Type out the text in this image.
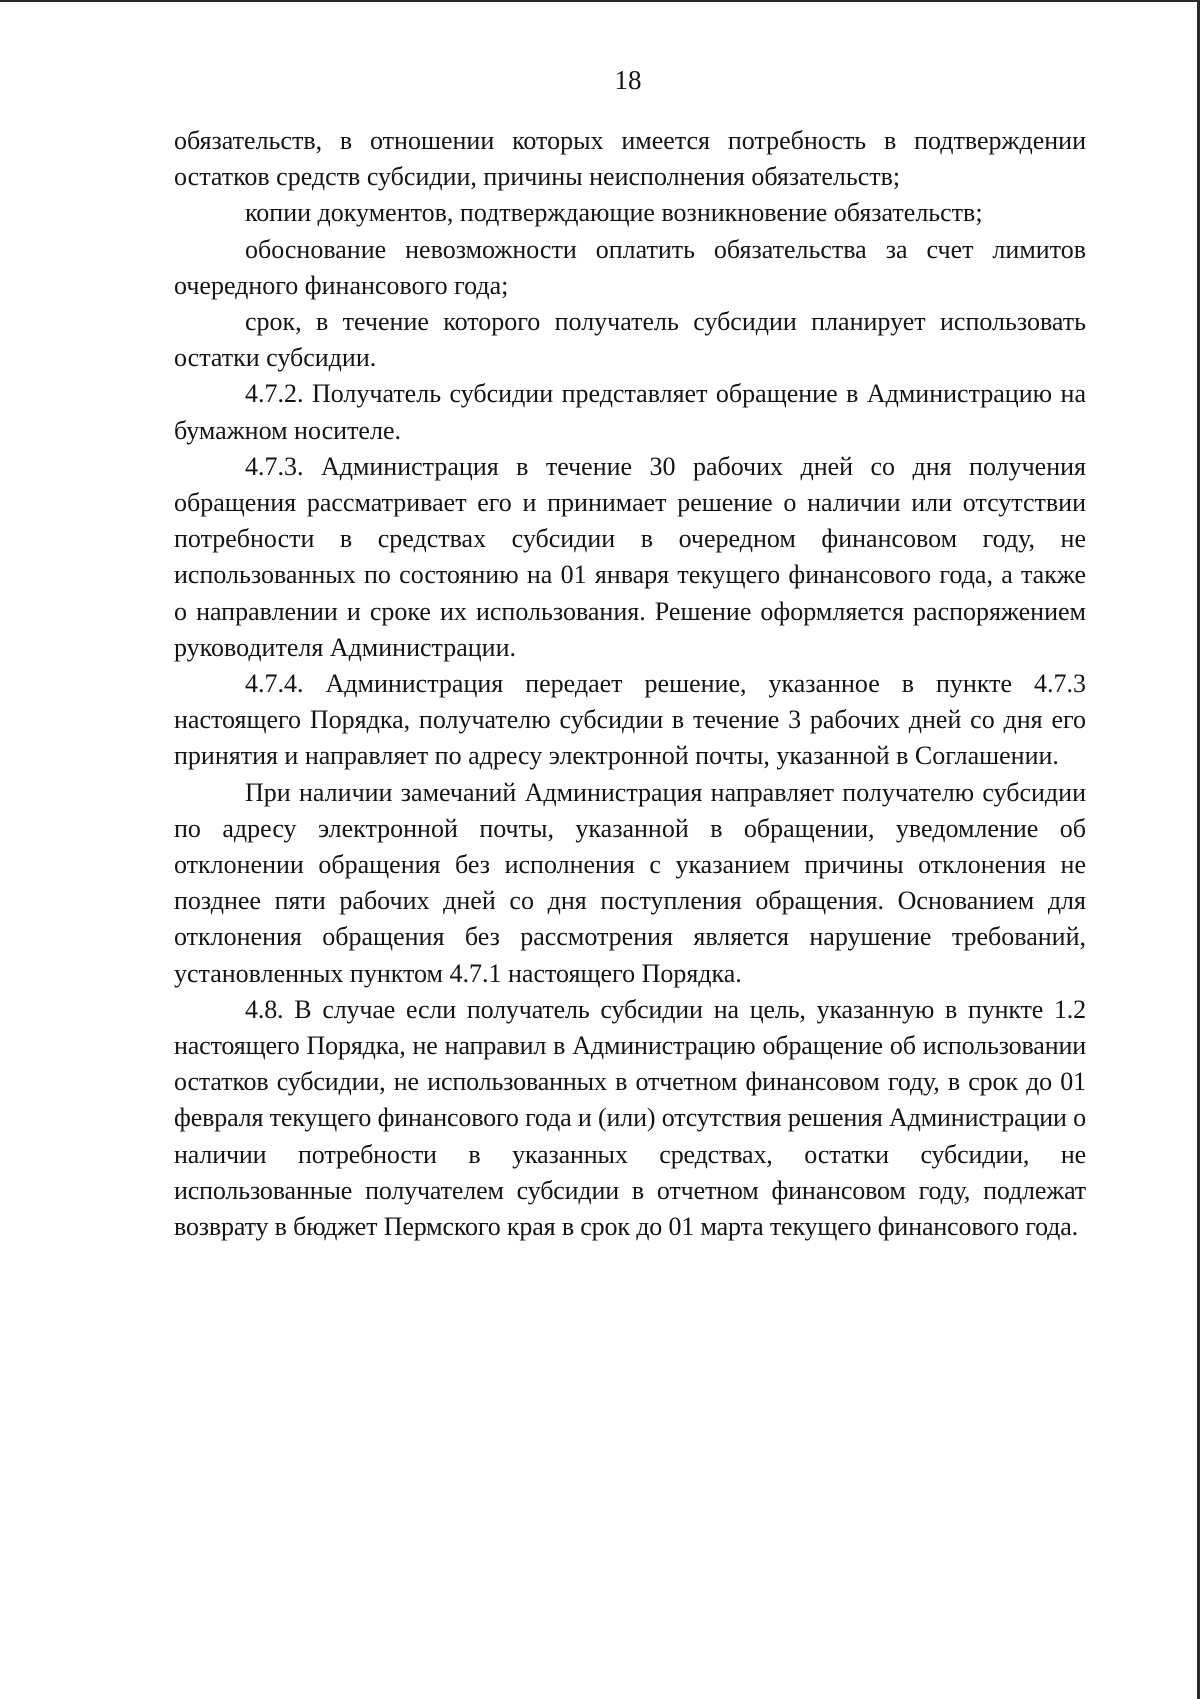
18

обязательств, в отношении которых имеется потребность в подтверждении остатков средств субсидии, причины неисполнения обязательств;

копии документов, подтверждающие возникновение обязательств;

обоснование невозможности оплатить обязательства за счет лимитов очередного финансового года;

срок, в течение которого получатель субсидии планирует использовать остатки субсидии.

4.7.2. Получатель субсидии представляет обращение в Администрацию на бумажном носителе.

4.7.3. Администрация в течение 30 рабочих дней со дня получения обращения рассматривает его и принимает решение о наличии или отсутствии потребности в средствах субсидии в очередном финансовом году, не использованных по состоянию на 01 января текущего финансового года, а также о направлении и сроке их использования. Решение оформляется распоряжением руководителя Администрации.

4.7.4. Администрация передает решение, указанное в пункте 4.7.3 настоящего Порядка, получателю субсидии в течение 3 рабочих дней со дня его принятия и направляет по адресу электронной почты, указанной в Соглашении.

При наличии замечаний Администрация направляет получателю субсидии по адресу электронной почты, указанной в обращении, уведомление об отклонении обращения без исполнения с указанием причины отклонения не позднее пяти рабочих дней со дня поступления обращения. Основанием для отклонения обращения без рассмотрения является нарушение требований, установленных пунктом 4.7.1 настоящего Порядка.

4.8. В случае если получатель субсидии на цель, указанную в пункте 1.2 настоящего Порядка, не направил в Администрацию обращение об использовании остатков субсидии, не использованных в отчетном финансовом году, в срок до 01 февраля текущего финансового года и (или) отсутствия решения Администрации о наличии потребности в указанных средствах, остатки субсидии, не использованные получателем субсидии в отчетном финансовом году, подлежат возврату в бюджет Пермского края в срок до 01 марта текущего финансового года.
